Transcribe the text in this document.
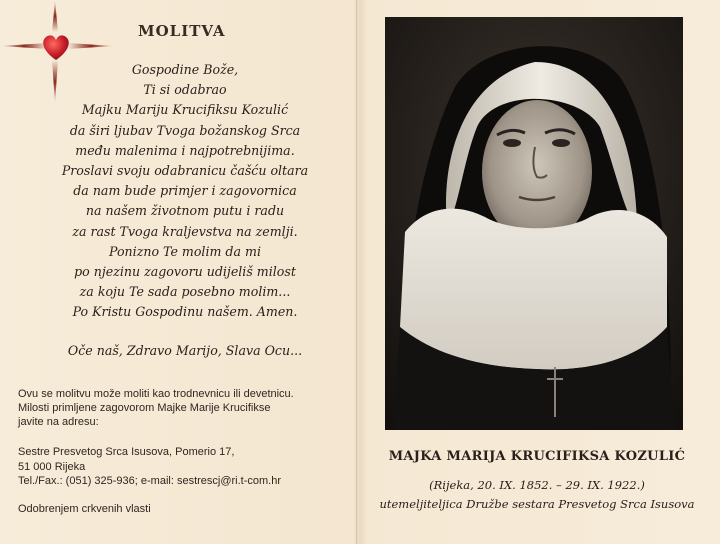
MOLITVA
Gospodine Bože,
Ti si odabrao
Majku Mariju Krucifiksu Kozulić
da širi ljubav Tvoga božanskog Srca
među malenima i najpotrebnijima.
Proslavi svoju odabranicu čašću oltara
da nam bude primjer i zagovornica
na našem životnom putu i radu
za rast Tvoga kraljevstva na zemlji.
Ponizno Te molim da mi
po njezinu zagovoru udijeliš milost
za koju Te sada posebno molim...
Po Kristu Gospodinu našem. Amen.
Oče naš, Zdravo Marijo, Slava Ocu...
Ovu se molitvu može moliti kao trodnevnicu ili devetnicu.
Milosti primljene zagovorom Majke Marije Krucifikse
javite na adresu:
Sestre Presvetog Srca Isusova, Pomerio 17,
51 000 Rijeka
Tel./Fax.: (051) 325-936; e-mail: sestrescj@ri.t-com.hr
Odobrenjem crkvenih vlasti
MAJKA MARIJA KRUCIFIKSA KOZULIĆ
(Rijeka, 20. IX. 1852. – 29. IX. 1922.)
utemeljiteljica Družbe sestara Presvetog Srca Isusova
